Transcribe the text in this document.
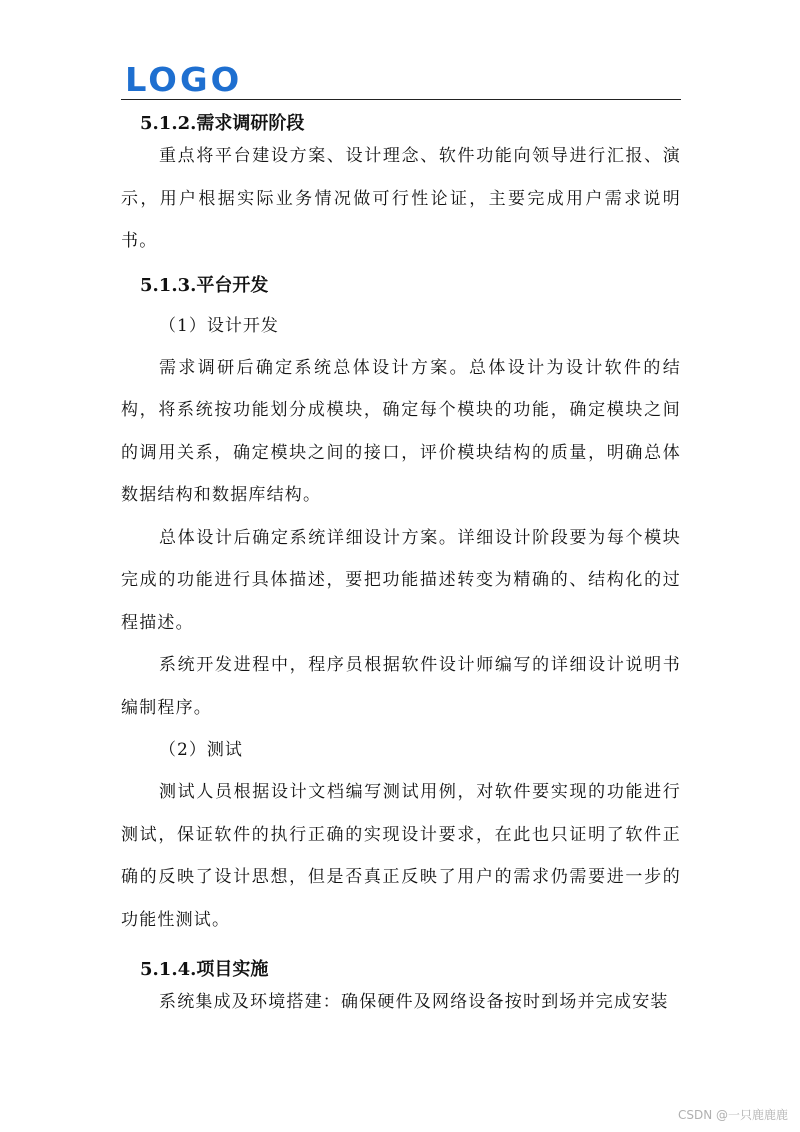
LOGO
5.1.2.需求调研阶段

重点将平台建设方案、设计理念、软件功能向领导进行汇报、演示，用户根据实际业务情况做可行性论证，主要完成用户需求说明书。

5.1.3.平台开发

（1）设计开发

需求调研后确定系统总体设计方案。总体设计为设计软件的结构，将系统按功能划分成模块，确定每个模块的功能，确定模块之间的调用关系，确定模块之间的接口，评价模块结构的质量，明确总体数据结构和数据库结构。

总体设计后确定系统详细设计方案。详细设计阶段要为每个模块完成的功能进行具体描述，要把功能描述转变为精确的、结构化的过程描述。

系统开发进程中，程序员根据软件设计师编写的详细设计说明书编制程序。

（2）测试

测试人员根据设计文档编写测试用例，对软件要实现的功能进行测试，保证软件的执行正确的实现设计要求，在此也只证明了软件正确的反映了设计思想，但是否真正反映了用户的需求仍需要进一步的功能性测试。

5.1.4.项目实施

系统集成及环境搭建：确保硬件及网络设备按时到场并完成安装

CSDN @一只鹿鹿鹿
